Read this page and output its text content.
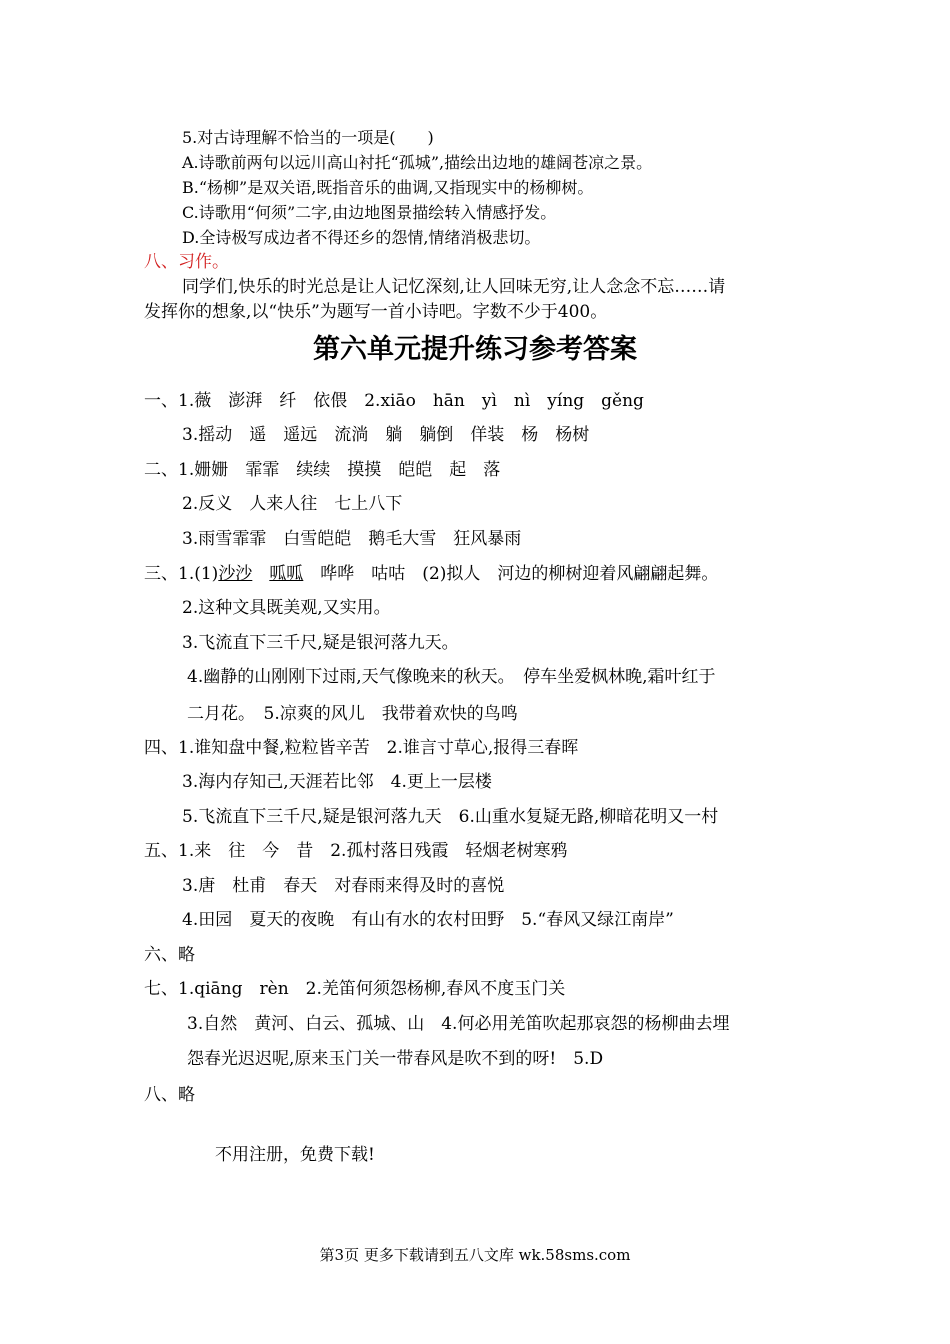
5.对古诗理解不恰当的一项是(　　)
A.诗歌前两句以远川高山衬托“孤城”,描绘出边地的雄阔苍凉之景。
B.“杨柳”是双关语,既指音乐的曲调,又指现实中的杨柳树。
C.诗歌用“何须”二字,由边地图景描绘转入情感抒发。
D.全诗极写成边者不得还乡的怨情,情绪消极悲切。
八、习作。
同学们,快乐的时光总是让人记忆深刻,让人回味无穷,让人念念不忘……请
发挥你的想象,以“快乐”为题写一首小诗吧。字数不少于400。
第六单元提升练习参考答案
一、1.薇　澎湃　纤　依偎　2.xiāo　hān　yì　nì　yíng　gěng
3.摇动　遥　遥远　流淌　躺　躺倒　佯装　杨　杨树
二、1.姗姗　霏霏　续续　摸摸　皑皑　起　落
2.反义　人来人往　七上八下
3.雨雪霏霏　白雪皑皑　鹅毛大雪　狂风暴雨
三、1.(1)沙沙　 呱呱　哗哗　咕咕　(2)拟人　河边的柳树迎着风翩翩起舞。
2.这种文具既美观,又实用。
3.飞流直下三千尺,疑是银河落九天。
4.幽静的山刚刚下过雨,天气像晚来的秋天。　停车坐爱枫林晚,霜叶红于
二月花。　5.凉爽的风儿　我带着欢快的鸟鸣
四、1.谁知盘中餐,粒粒皆辛苦　2.谁言寸草心,报得三春晖
3.海内存知己,天涯若比邻　4.更上一层楼
5.飞流直下三千尺,疑是银河落九天　6.山重水复疑无路,柳暗花明又一村
五、1.来　往　今　昔　2.孤村落日残霞　轻烟老树寒鸦
3.唐　杜甫　春天　对春雨来得及时的喜悦
4.田园　夏天的夜晚　有山有水的农村田野　5.“春风又绿江南岸”
六、略
七、1.qiāng　rèn　2.羌笛何须怨杨柳,春风不度玉门关
3.自然　黄河、白云、孤城、山　4.何必用羌笛吹起那哀怨的杨柳曲去埋
怨春光迟迟呢,原来玉门关一带春风是吹不到的呀!　5.D
八、略
不用注册，免费下载!
第3页 更多下载请到五八文库 wk.58sms.com
